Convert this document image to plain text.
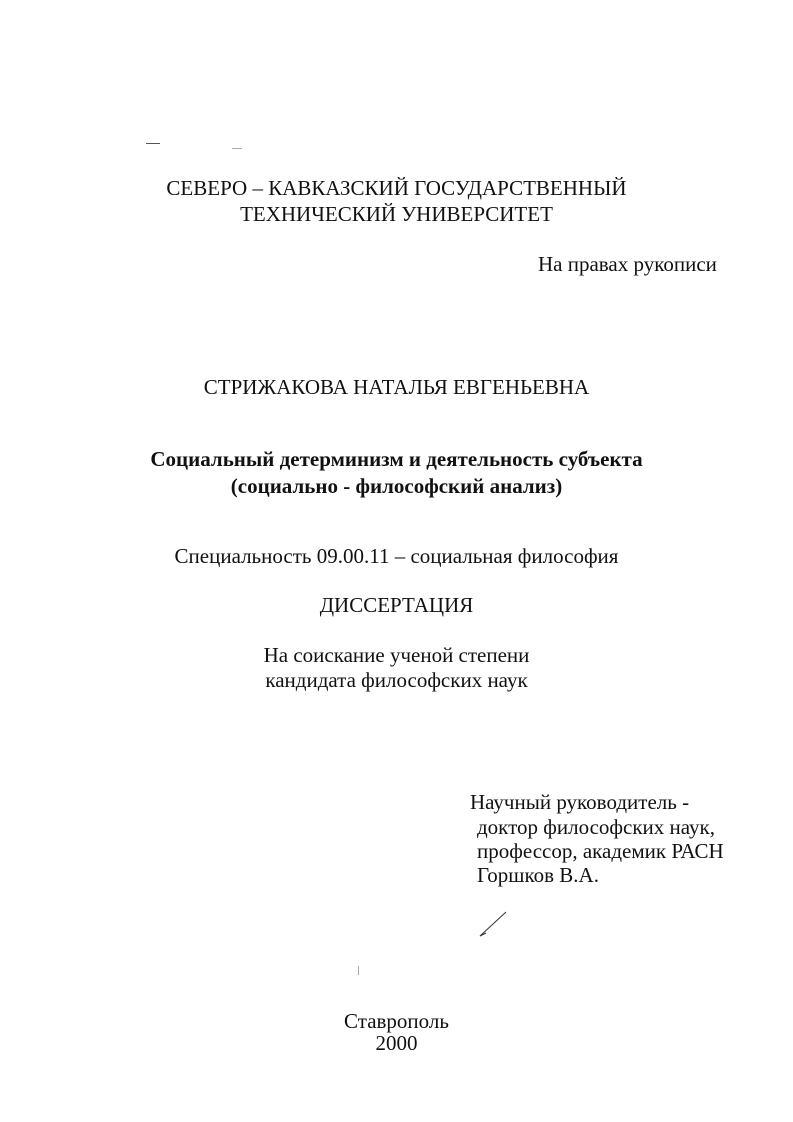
СЕВЕРО – КАВКАЗСКИЙ ГОСУДАРСТВЕННЫЙ
ТЕХНИЧЕСКИЙ УНИВЕРСИТЕТ
На правах рукописи
СТРИЖАКОВА НАТАЛЬЯ ЕВГЕНЬЕВНА
Социальный детерминизм и деятельность субъекта
(социально - философский анализ)
Специальность 09.00.11 – социальная философия
ДИССЕРТАЦИЯ
На соискание ученой степени
кандидата философских наук
Научный руководитель -
доктор философских наук,
профессор, академик РАСН
Горшков В.А.
Ставрополь
2000
